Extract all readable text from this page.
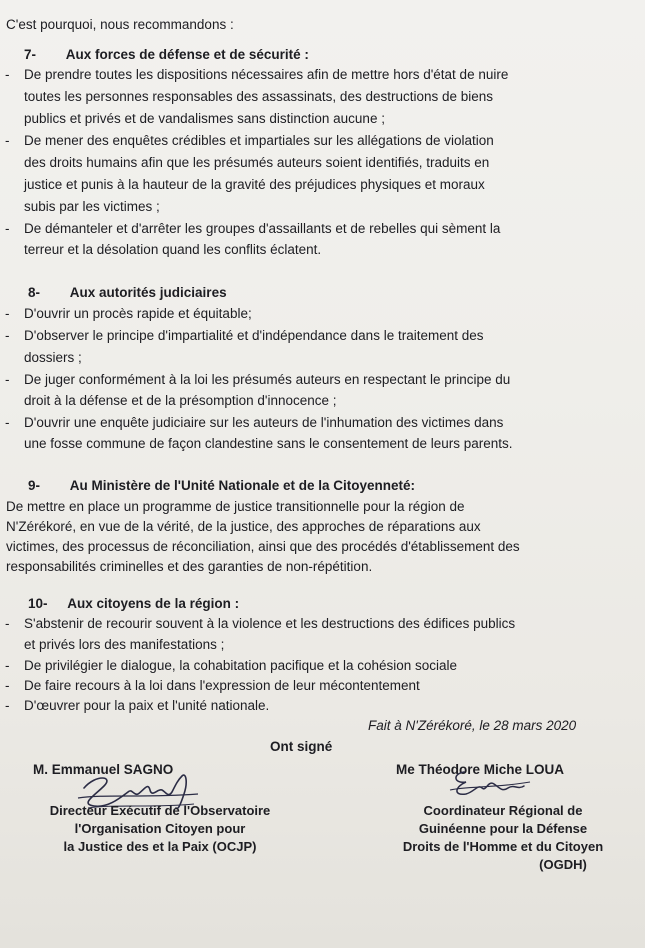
C'est pourquoi, nous recommandons :
7- Aux forces de défense et de sécurité :
- De prendre toutes les dispositions nécessaires afin de mettre hors d'état de nuire
toutes les personnes responsables des assassinats, des destructions de biens
publics et privés et de vandalismes sans distinction aucune ;
- De mener des enquêtes crédibles et impartiales sur les allégations de violation
des droits humains afin que les présumés auteurs soient identifiés, traduits en
justice et punis à la hauteur de la gravité des préjudices physiques et moraux
subis par les victimes ;
- De démanteler et d'arrêter les groupes d'assaillants et de rebelles qui sèment la
terreur et la désolation quand les conflits éclatent.
8- Aux autorités judiciaires
- D'ouvrir un procès rapide et équitable;
- D'observer le principe d'impartialité et d'indépendance dans le traitement des
dossiers ;
- De juger conformément à la loi les présumés auteurs en respectant le principe du
droit à la défense et de la présomption d'innocence ;
- D'ouvrir une enquête judiciaire sur les auteurs de l'inhumation des victimes dans
une fosse commune de façon clandestine sans le consentement de leurs parents.
9- Au Ministère de l'Unité Nationale et de la Citoyenneté:
De mettre en place un programme de justice transitionnelle pour la région de
N'Zérékoré, en vue de la vérité, de la justice, des approches de réparations aux
victimes, des processus de réconciliation, ainsi que des procédés d'établissement des
responsabilités criminelles et des garanties de non-répétition.
10- Aux citoyens de la région :
- S'abstenir de recourir souvent à la violence et les destructions des édifices publics
et privés lors des manifestations ;
- De privilégier le dialogue, la cohabitation pacifique et la cohésion sociale
- De faire recours à la loi dans l'expression de leur mécontentement
- D'œuvrer pour la paix et l'unité nationale.
Fait à N'Zérékoré, le 28 mars 2020
Ont signé
M. Emmanuel SAGNO	Me Théodore Miche LOUA
Directeur Exécutif de l'Observatoire
l'Organisation Citoyen pour
la Justice des et la Paix (OCJP)
Coordinateur Régional de
Guinéenne pour la Défense
Droits de l'Homme et du Citoyen
(OGDH)
